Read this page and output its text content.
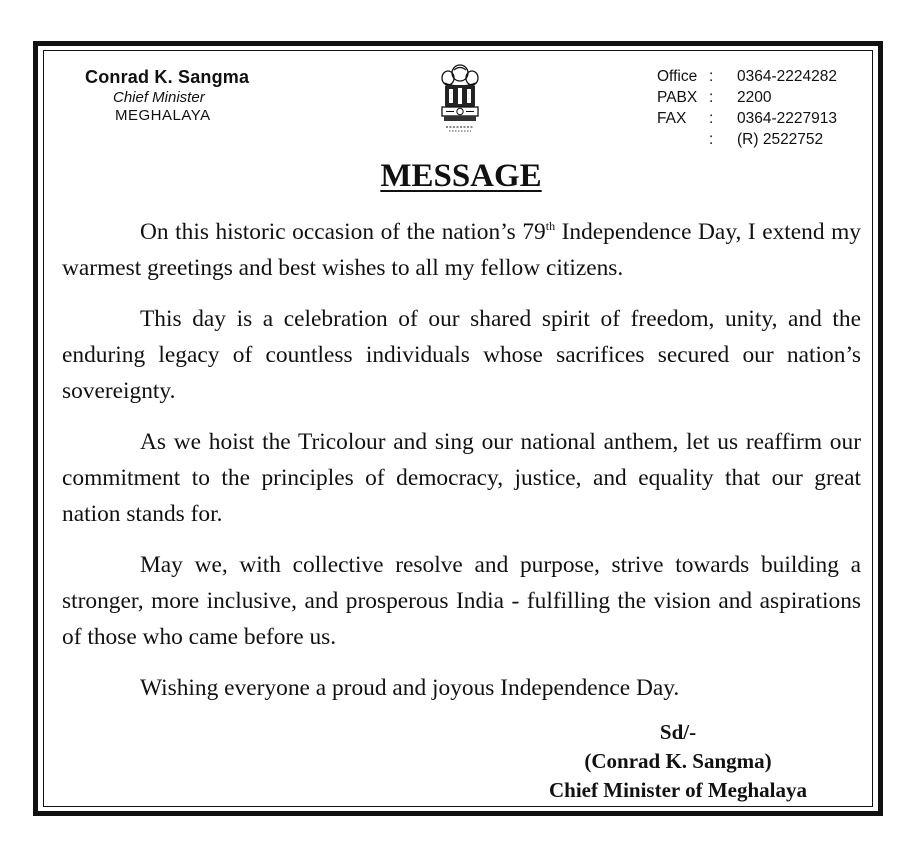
Conrad K. Sangma
Chief Minister
MEGHALAYA
Office :	0364-2224282
PABX :	2200
FAX	:	0364-2227913
:	(R) 2522752
MESSAGE

On this historic occasion of the nation’s 79th Independence Day, I extend my warmest greetings and best wishes to all my fellow citizens.

This day is a celebration of our shared spirit of freedom, unity, and the enduring legacy of countless individuals whose sacrifices secured our nation’s sovereignty.

As we hoist the Tricolour and sing our national anthem, let us reaffirm our commitment to the principles of democracy, justice, and equality that our great nation stands for.

May we, with collective resolve and purpose, strive towards building a stronger, more inclusive, and prosperous India - fulfilling the vision and aspirations of those who came before us.

Wishing everyone a proud and joyous Independence Day.

Sd/-
(Conrad K. Sangma)
Chief Minister of Meghalaya
